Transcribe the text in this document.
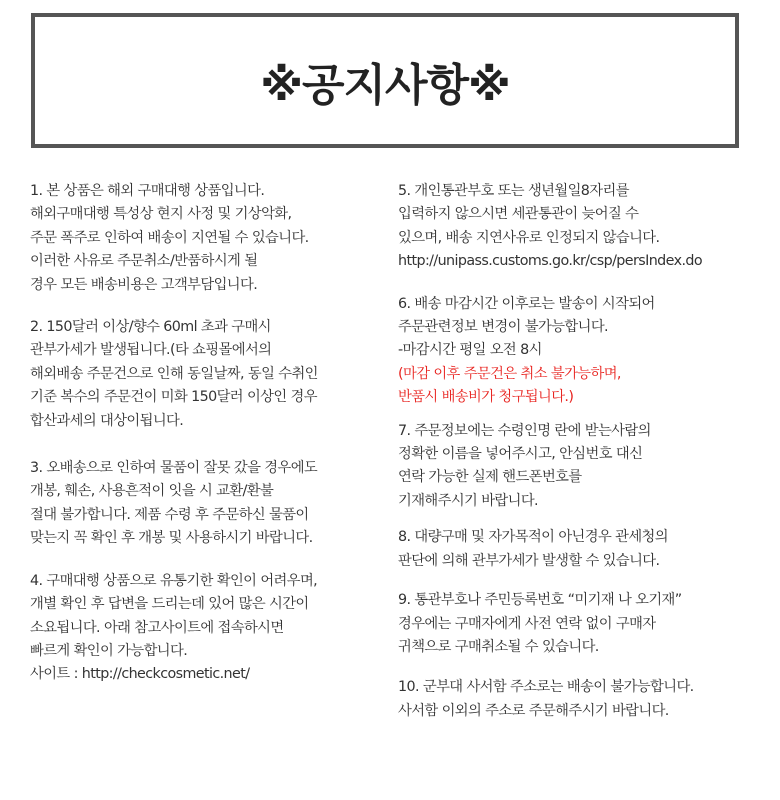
※공지사항※
1. 본 상품은 해외 구매대행 상품입니다.
해외구매대행 특성상 현지 사정 및 기상악화,
주문 폭주로 인하여 배송이 지연될 수 있습니다.
이러한 사유로 주문취소/반품하시게 될
경우 모든 배송비용은 고객부담입니다.
2. 150달러 이상/향수 60ml 초과 구매시
관부가세가 발생됩니다.(타 쇼핑몰에서의
해외배송 주문건으로 인해 동일날짜, 동일 수취인
기준 복수의 주문건이 미화 150달러 이상인 경우
합산과세의 대상이됩니다.
3. 오배송으로 인하여 물품이 잘못 갔을 경우에도
개봉, 훼손, 사용흔적이 잇을 시 교환/환불
절대 불가합니다. 제품 수령 후 주문하신 물품이
맞는지 꼭 확인 후 개봉 및 사용하시기 바랍니다.
4. 구매대행 상품으로 유통기한 확인이 어려우며,
개별 확인 후 답변을 드리는데 있어 많은 시간이
소요됩니다. 아래 참고사이트에 접속하시면
빠르게 확인이 가능합니다.
사이트 : http://checkcosmetic.net/
5. 개인통관부호 또는 생년월일8자리를
입력하지 않으시면 세관통관이 늦어질 수
있으며, 배송 지연사유로 인정되지 않습니다.
http://unipass.customs.go.kr/csp/persIndex.do
6. 배송 마감시간 이후로는 발송이 시작되어
주문관련정보 변경이 불가능합니다.
-마감시간 평일 오전 8시
(마감 이후 주문건은 취소 불가능하며,
반품시 배송비가 청구됩니다.)
7. 주문정보에는 수령인명 란에 받는사람의
정확한 이름을 넣어주시고, 안심번호 대신
연락 가능한 실제 핸드폰번호를
기재해주시기 바랍니다.
8. 대량구매 및 자가목적이 아닌경우 관세청의
판단에 의해 관부가세가 발생할 수 있습니다.
9. 통관부호나 주민등록번호 “미기재 나 오기재”
경우에는 구매자에게 사전 연락 없이 구매자
귀책으로 구매취소될 수 있습니다.
10. 군부대 사서함 주소로는 배송이 불가능합니다.
사서함 이외의 주소로 주문해주시기 바랍니다.
